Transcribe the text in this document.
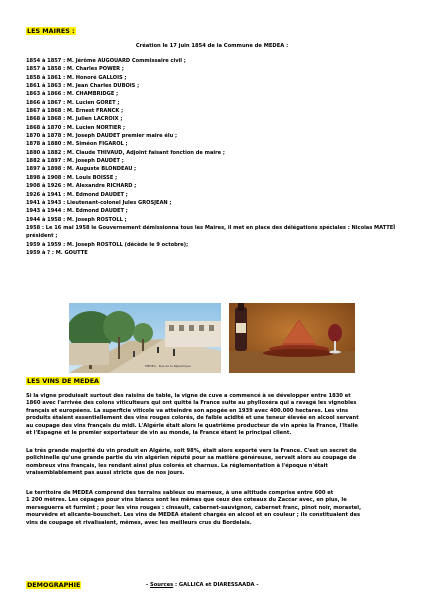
LES MAIRES :
Création le 17 juin 1854 de la Commune de MEDEA :
1854 à 1857 : M. Jérôme AUGOUARD Commissaire civil ;
1857 à 1858 : M. Charles POWER ;
1858 à 1861 : M. Honoré GALLOIS ;
1861 à 1863 : M. Jean Charles DUBOIS ;
1863 à 1866 : M. CHAMBRIDGE ;
1866 à 1867 : M. Lucien GORET ;
1867 à 1868 : M. Ernest FRANCK ;
1868 à 1868 : M. Julien LACROIX ;
1868 à 1870 : M. Lucien NORTIER ;
1870 à 1878 : M. Joseph DAUDET premier maire élu ;
1878 à 1880 : M. Siméon FIGAROL ;
1880 à 1882 : M. Claude THIVAUD, Adjoint faisant fonction de maire ;
1882 à 1897 : M. Joseph DAUDET ;
1897 à 1898 : M. Auguste BLONDEAU ;
1898 à 1908 : M. Louis BOISSE ;
1908 à 1926 : M. Alexandre RICHARD ;
1926 à 1941 : M. Edmond DAUDET ;
1941 à 1943 : Lieutenant-colonel Jules GROSJEAN ;
1943 à 1944 : M. Edmond DAUDET ;
1944 à 1958 : M. Joseph ROSTOLL ;
1958 : Le 16 mai 1958 le Gouvernement démissionna tous les Maires, il met en place des délégations spéciales : Nicolas MATTEÏ président ;
1959 à 1959 : M. Joseph ROSTOLL (décède le 9 octobre);
1959 à ? : M. GOUTTE
MEDEA - Rue de la République
LES VINS DE MEDEA
Si la vigne produisait surtout des raisins de table, la vigne de cuve a commencé à se développer entre 1830 et
1860 avec l'arrivée des colons viticulteurs qui ont quitté la France suite au phylloxéra qui a ravagé les vignobles
français et européens. La superficie viticole va atteindre son apogée en 1939 avec 400.000 hectares. Les vins
produits étaient essentiellement des vins rouges colorés, de faible acidité et une teneur élevée en alcool servant
au coupage des vins français du midi. L'Algérie était alors le quatrième producteur de vin après la France, l'Italie
et l'Espagne et le premier exportateur de vin au monde, la France étant le principal client.
La très grande majorité du vin produit en Algérie, soit 98%, était alors exporté vers la France. C'est un secret de
polichinelle qu'une grande partie du vin algérien réputé pour sa matière généreuse, servait alors au coupage de
nombreux vins français, les rendant ainsi plus colorés et charnus. La réglementation à l'époque n'était
vraisemblablement pas aussi stricte que de nos jours.
Le territoire de MEDEA comprend des terrains sableux ou marneux, à une altitude comprise entre 600 et
1 200 mètres. Les cépages pour vins blancs sont les mêmes que ceux des coteaux du Zaccar avec, en plus, le
merseguerra et furmint ; pour les vins rouges : cinsault, cabernet-sauvignon, cabernet franc, pinot noir, morastel,
mourvèdre et alicante-bouschet. Les vins de MEDEA étaient chargés en alcool et en couleur ; ils constituaient des
vins de coupage et rivalisaient, mêmes, avec les meilleurs crus du Bordelais.
DEMOGRAPHIE	- Sources : GALLICA et DIARESSAADA -
